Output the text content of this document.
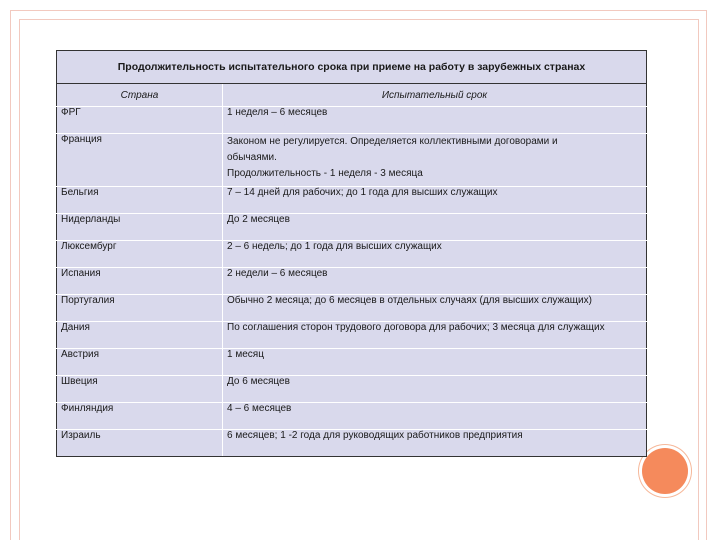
Продолжительность испытательного срока при приеме на работу в зарубежных странах	
Страна	Испытательный срок
ФРГ	1 неделя – 6 месяцев
Франция	Законом не регулируется. Определяется коллективными договорами и
обычаями.
Продолжительность - 1 неделя - 3 месяца

Бельгия	7 – 14 дней для рабочих; до 1 года для высших служащих
Нидерланды	До 2 месяцев
Люксембург	2 – 6 недель; до 1 года для высших служащих
Испания	2 недели – 6 месяцев
Португалия	Обычно 2 месяца; до 6 месяцев в отдельных случаях (для высших служащих)
Дания	По соглашения сторон трудового договора для рабочих; 3 месяца для служащих
Австрия	1 месяц
Швеция	До 6 месяцев
Финляндия	4 – 6 месяцев
Израиль	6 месяцев; 1 -2 года для руководящих работников предприятия
